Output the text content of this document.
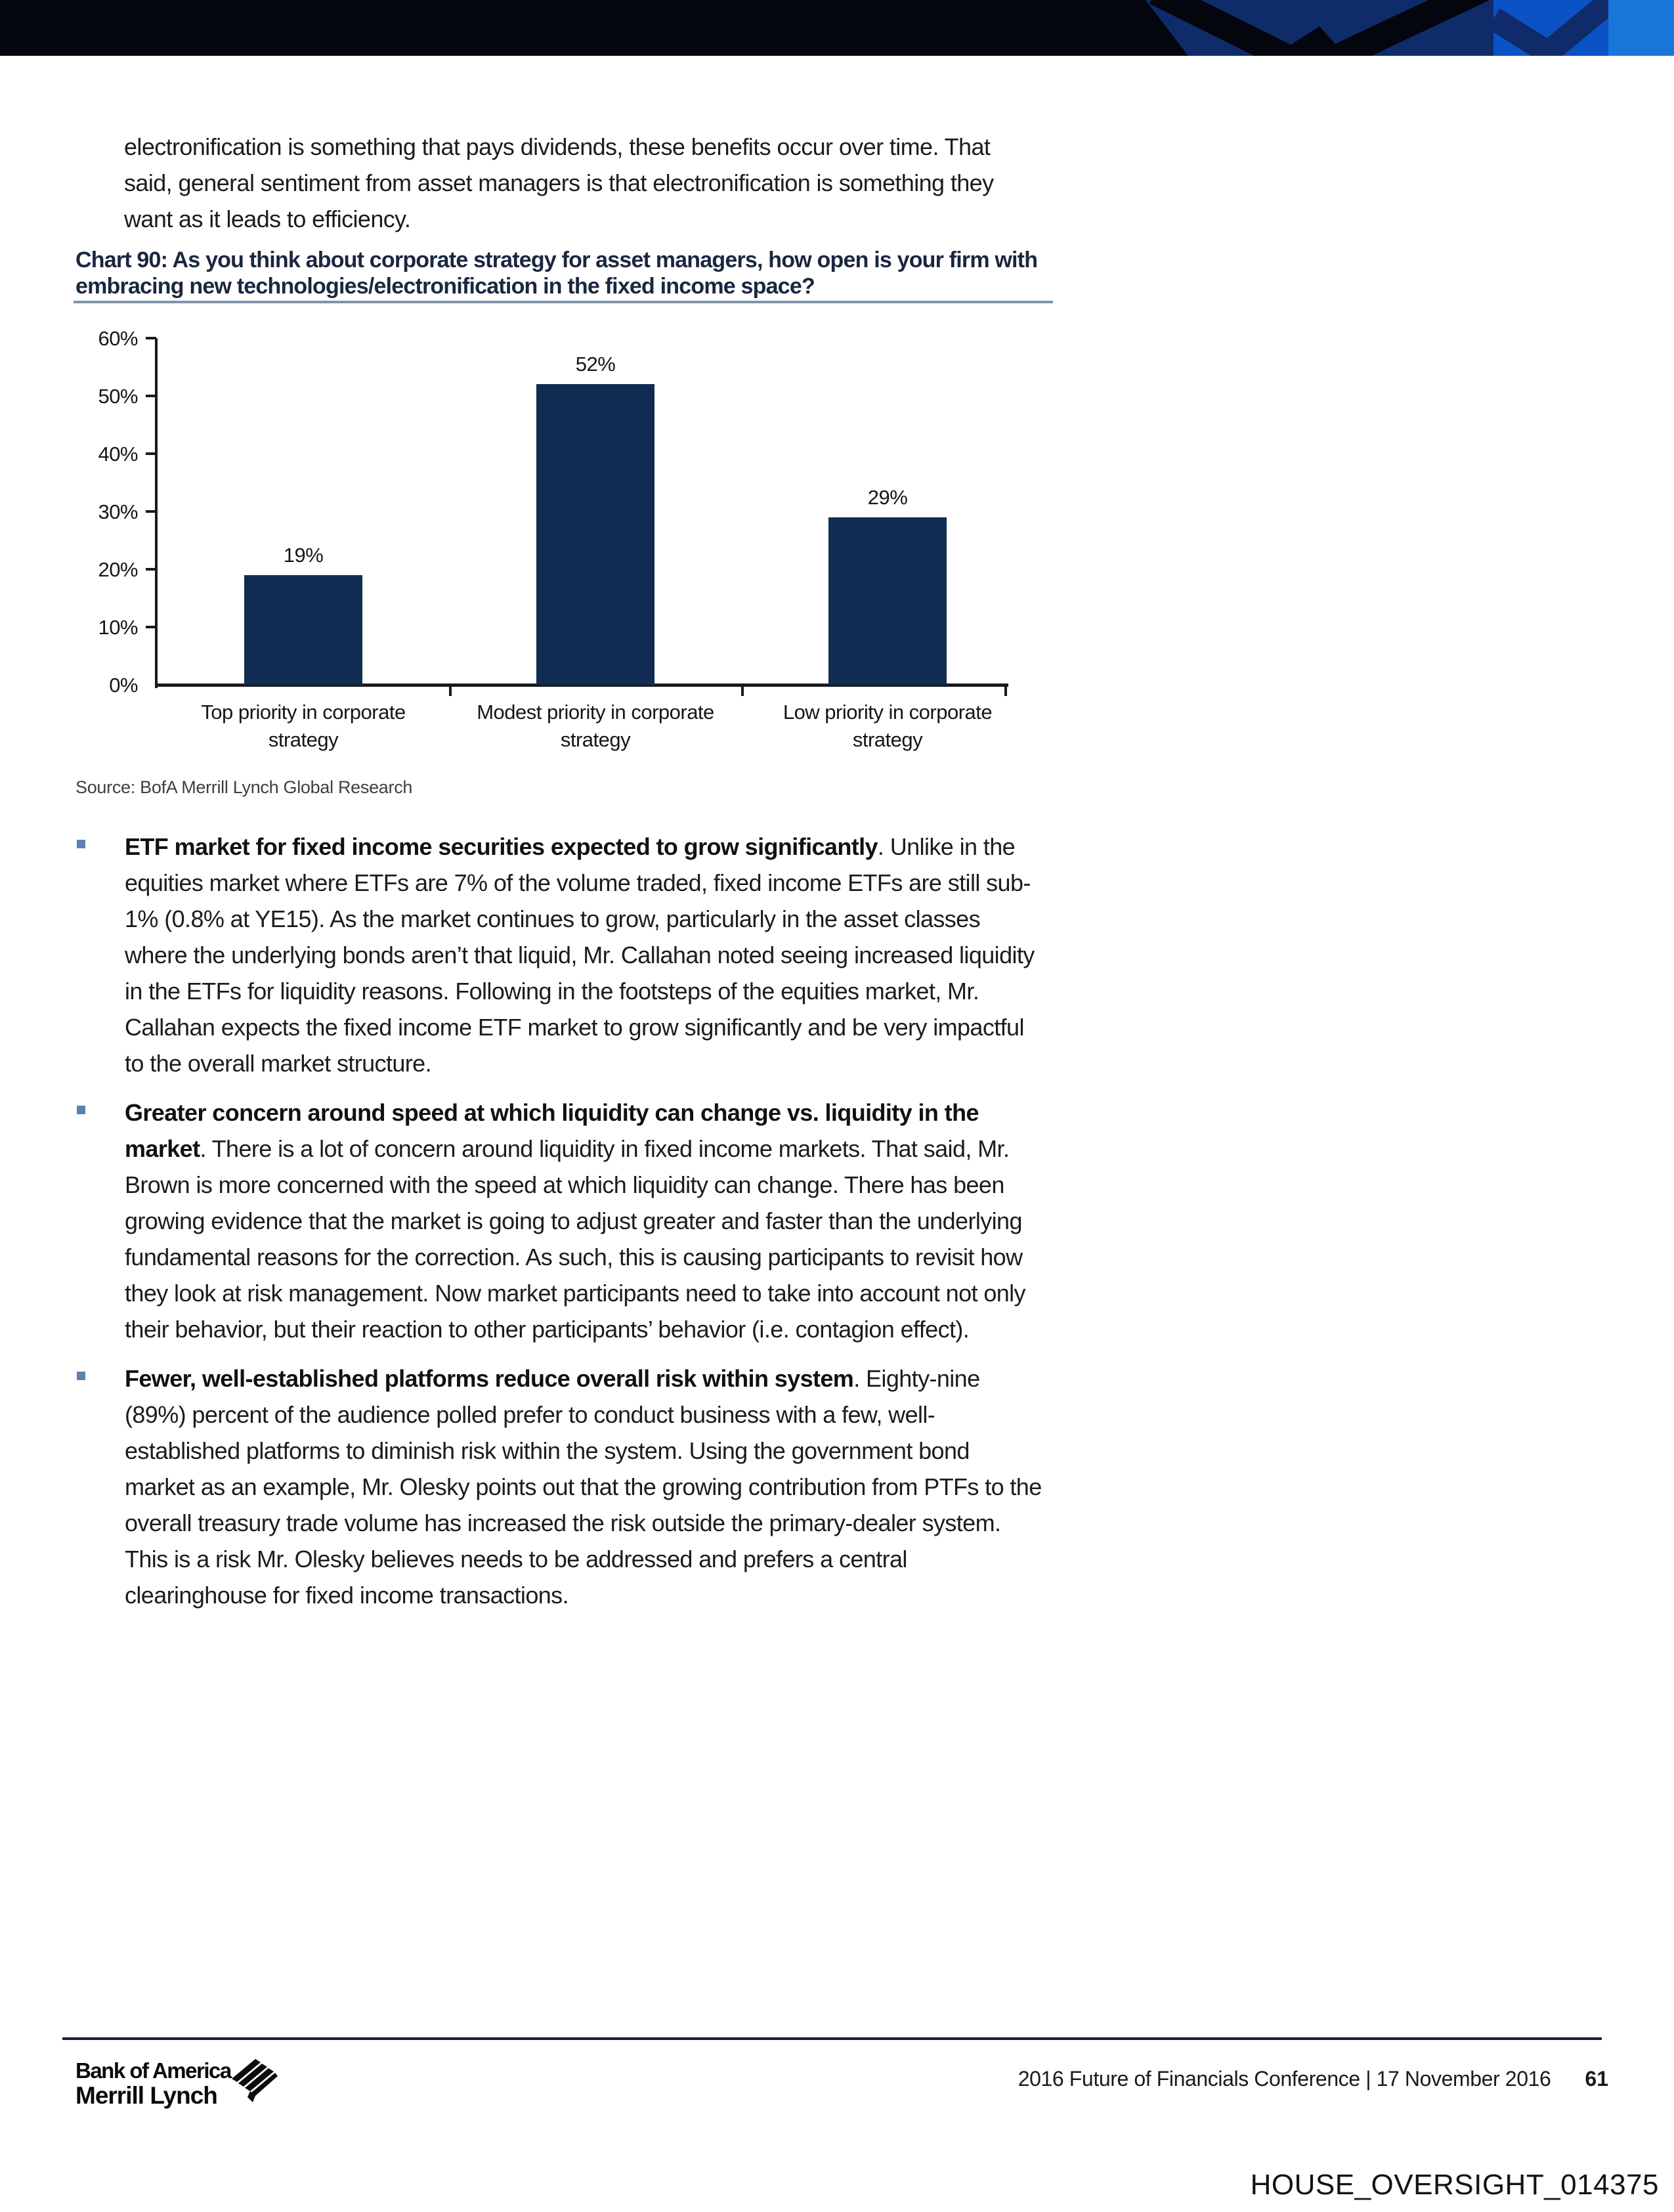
electronification is something that pays dividends, these benefits occur over time. That said, general sentiment from asset managers is that electronification is something they want as it leads to efficiency.

Chart 90: As you think about corporate strategy for asset managers, how open is your firm with embracing new technologies/electronification in the fixed income space?
60%
50%
40%
30%
20%
10%
0%
19%
Top priority in corporate
strategy
52%
Modest priority in corporate
strategy
29%
Low priority in corporate
strategy
Source: BofA Merrill Lynch Global Research

ETF market for fixed income securities expected to grow significantly. Unlike in the equities market where ETFs are 7% of the volume traded, fixed income ETFs are still sub-1% (0.8% at YE15). As the market continues to grow, particularly in the asset classes where the underlying bonds aren’t that liquid, Mr. Callahan noted seeing increased liquidity in the ETFs for liquidity reasons. Following in the footsteps of the equities market, Mr. Callahan expects the fixed income ETF market to grow significantly and be very impactful to the overall market structure.

Greater concern around speed at which liquidity can change vs. liquidity in the market. There is a lot of concern around liquidity in fixed income markets. That said, Mr. Brown is more concerned with the speed at which liquidity can change. There has been growing evidence that the market is going to adjust greater and faster than the underlying fundamental reasons for the correction. As such, this is causing participants to revisit how they look at risk management. Now market participants need to take into account not only their behavior, but their reaction to other participants’ behavior (i.e. contagion effect).

Fewer, well-established platforms reduce overall risk within system. Eighty-nine (89%) percent of the audience polled prefer to conduct business with a few, well-established platforms to diminish risk within the system. Using the government bond market as an example, Mr. Olesky points out that the growing contribution from PTFs to the overall treasury trade volume has increased the risk outside the primary-dealer system. This is a risk Mr. Olesky believes needs to be addressed and prefers a central clearinghouse for fixed income transactions.

Bank of America
Merrill Lynch
2016 Future of Financials Conference | 17 November 2016 61
HOUSE_OVERSIGHT_014375
